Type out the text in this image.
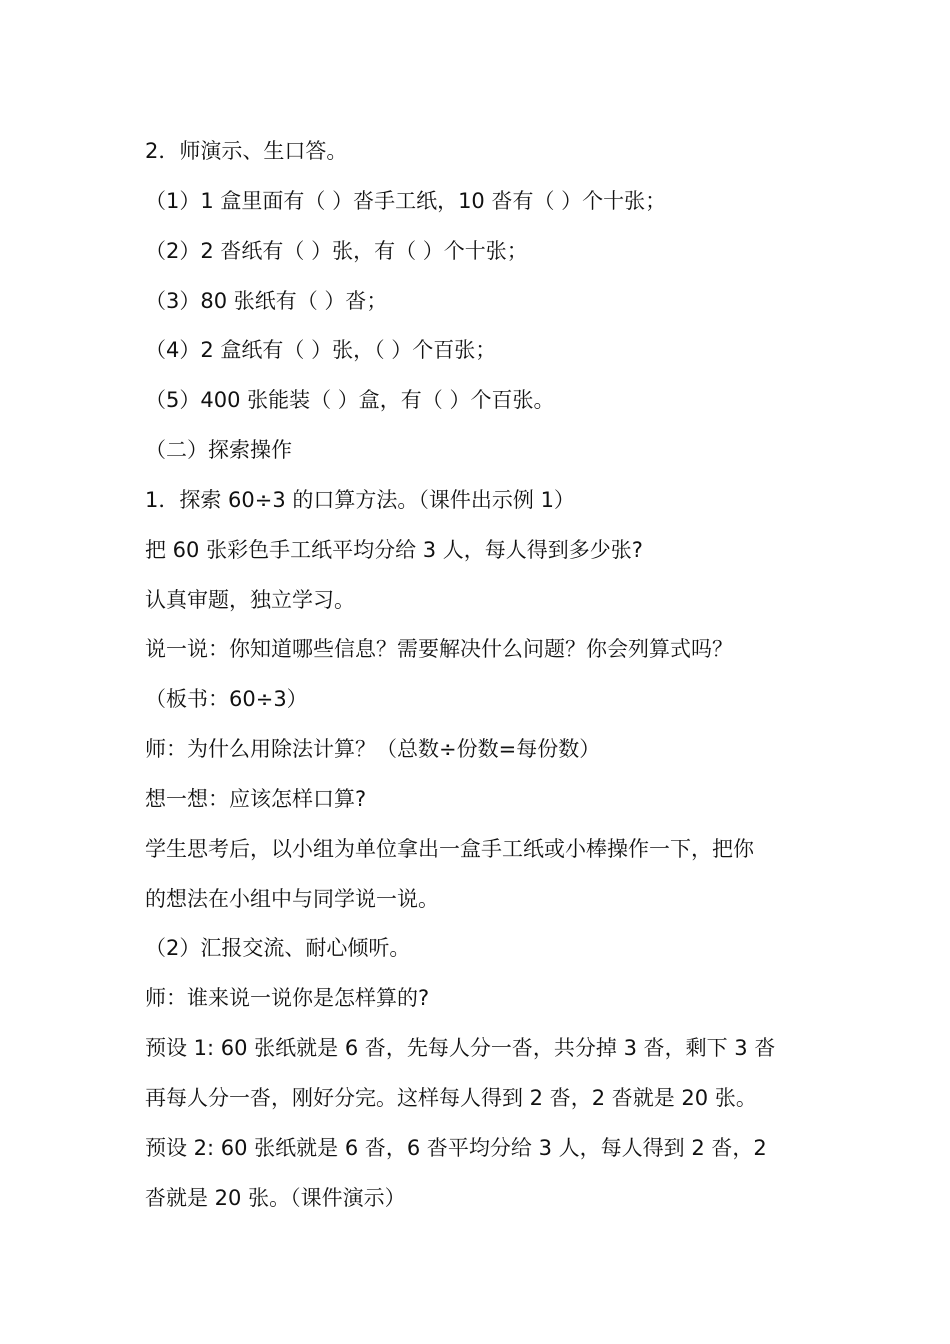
2．师演示、生口答。
（1）1 盒里面有（ ）沓手工纸，10 沓有（ ）个十张；
（2）2 沓纸有（ ）张，有（ ）个十张；
（3）80 张纸有（ ）沓；
（4）2 盒纸有（ ）张，（ ）个百张；
（5）400 张能装（ ）盒，有（ ）个百张。
（二）探索操作
1．探索 60÷3 的口算方法。（课件出示例 1）
把 60 张彩色手工纸平均分给 3 人，每人得到多少张?
认真审题，独立学习。
说一说：你知道哪些信息？需要解决什么问题？你会列算式吗？
（板书：60÷3）
师：为什么用除法计算？（总数÷份数=每份数）
想一想：应该怎样口算?
学生思考后，以小组为单位拿出一盒手工纸或小棒操作一下，把你
的想法在小组中与同学说一说。
（2）汇报交流、耐心倾听。
师：谁来说一说你是怎样算的?
预设 1: 60 张纸就是 6 沓，先每人分一沓，共分掉 3 沓，剩下 3 沓
再每人分一沓，刚好分完。这样每人得到 2 沓，2 沓就是 20 张。
预设 2: 60 张纸就是 6 沓，6 沓平均分给 3 人，每人得到 2 沓，2
沓就是 20 张。（课件演示）
